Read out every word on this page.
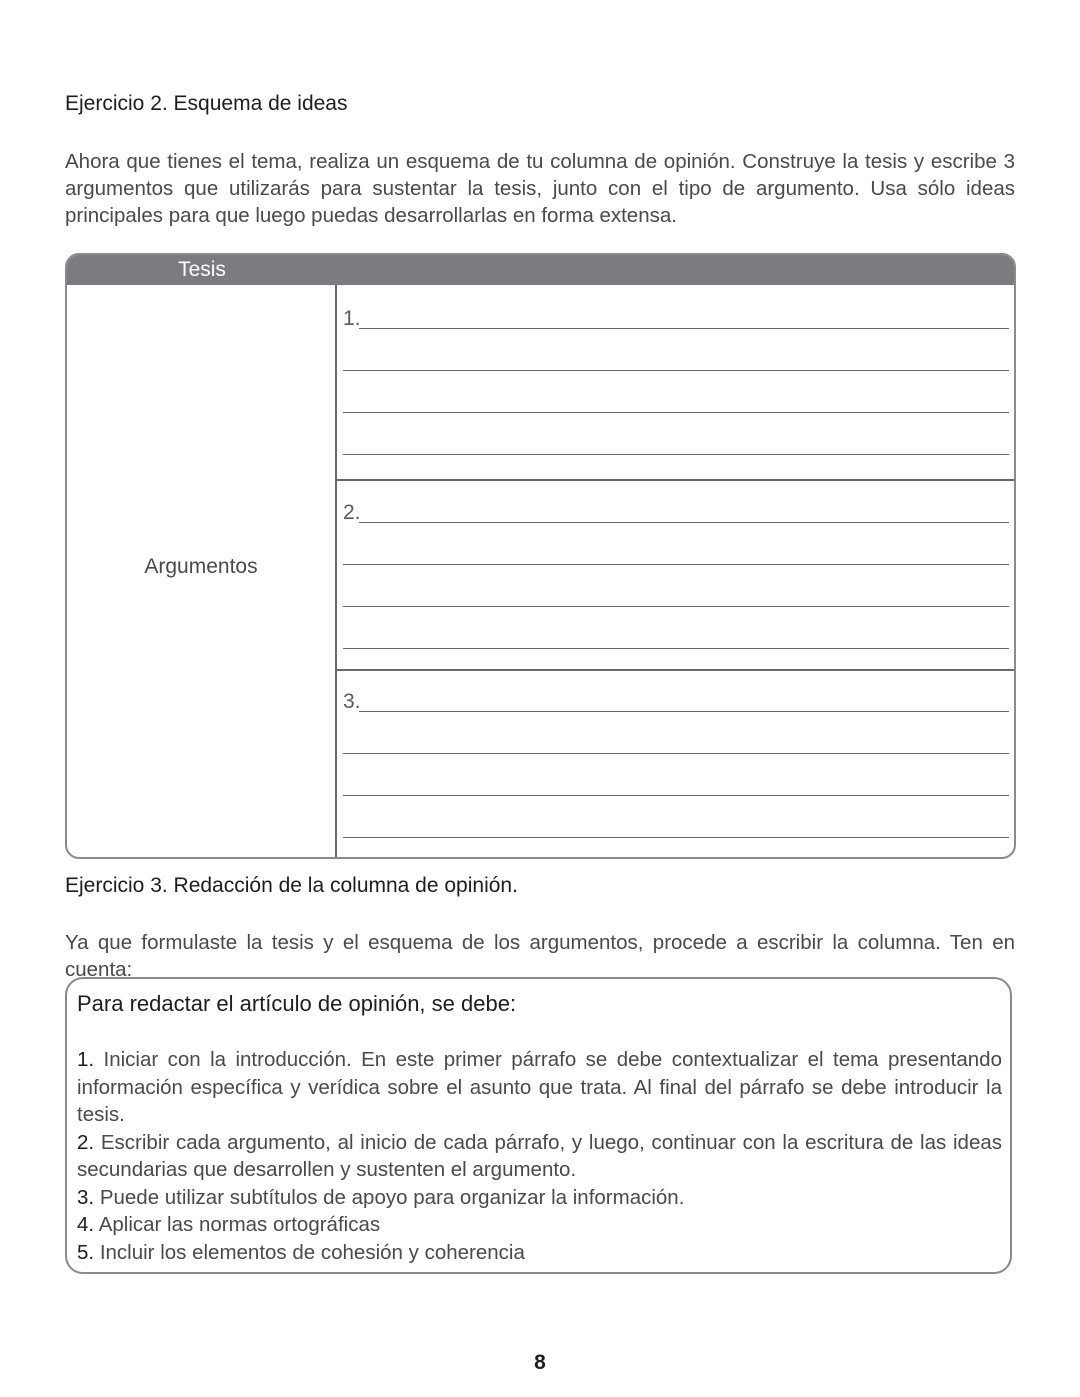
Ejercicio 2. Esquema de ideas
Ahora que tienes el tema, realiza un esquema de tu columna de opinión. Construye la tesis y escribe 3 argumentos que utilizarás para sustentar la tesis, junto con el tipo de argumento. Usa sólo ideas principales para que luego puedas desarrollarlas en forma extensa.
Tesis
Argumentos
1.
2.
3.
Ejercicio 3. Redacción de la columna de opinión.
Ya que formulaste la tesis y el esquema de los argumentos, procede a escribir la columna. Ten en cuenta:
Para redactar el artículo de opinión, se debe:
1. Iniciar con la introducción. En este primer párrafo se debe contextualizar el tema presentando información específica y verídica sobre el asunto que trata. Al final del párrafo se debe introducir la tesis.
2. Escribir cada argumento, al inicio de cada párrafo, y luego, continuar con la escritura de las ideas secundarias que desarrollen y sustenten el argumento.
3. Puede utilizar subtítulos de apoyo para organizar la información.
4. Aplicar las normas ortográficas
5. Incluir los elementos de cohesión y coherencia
8
